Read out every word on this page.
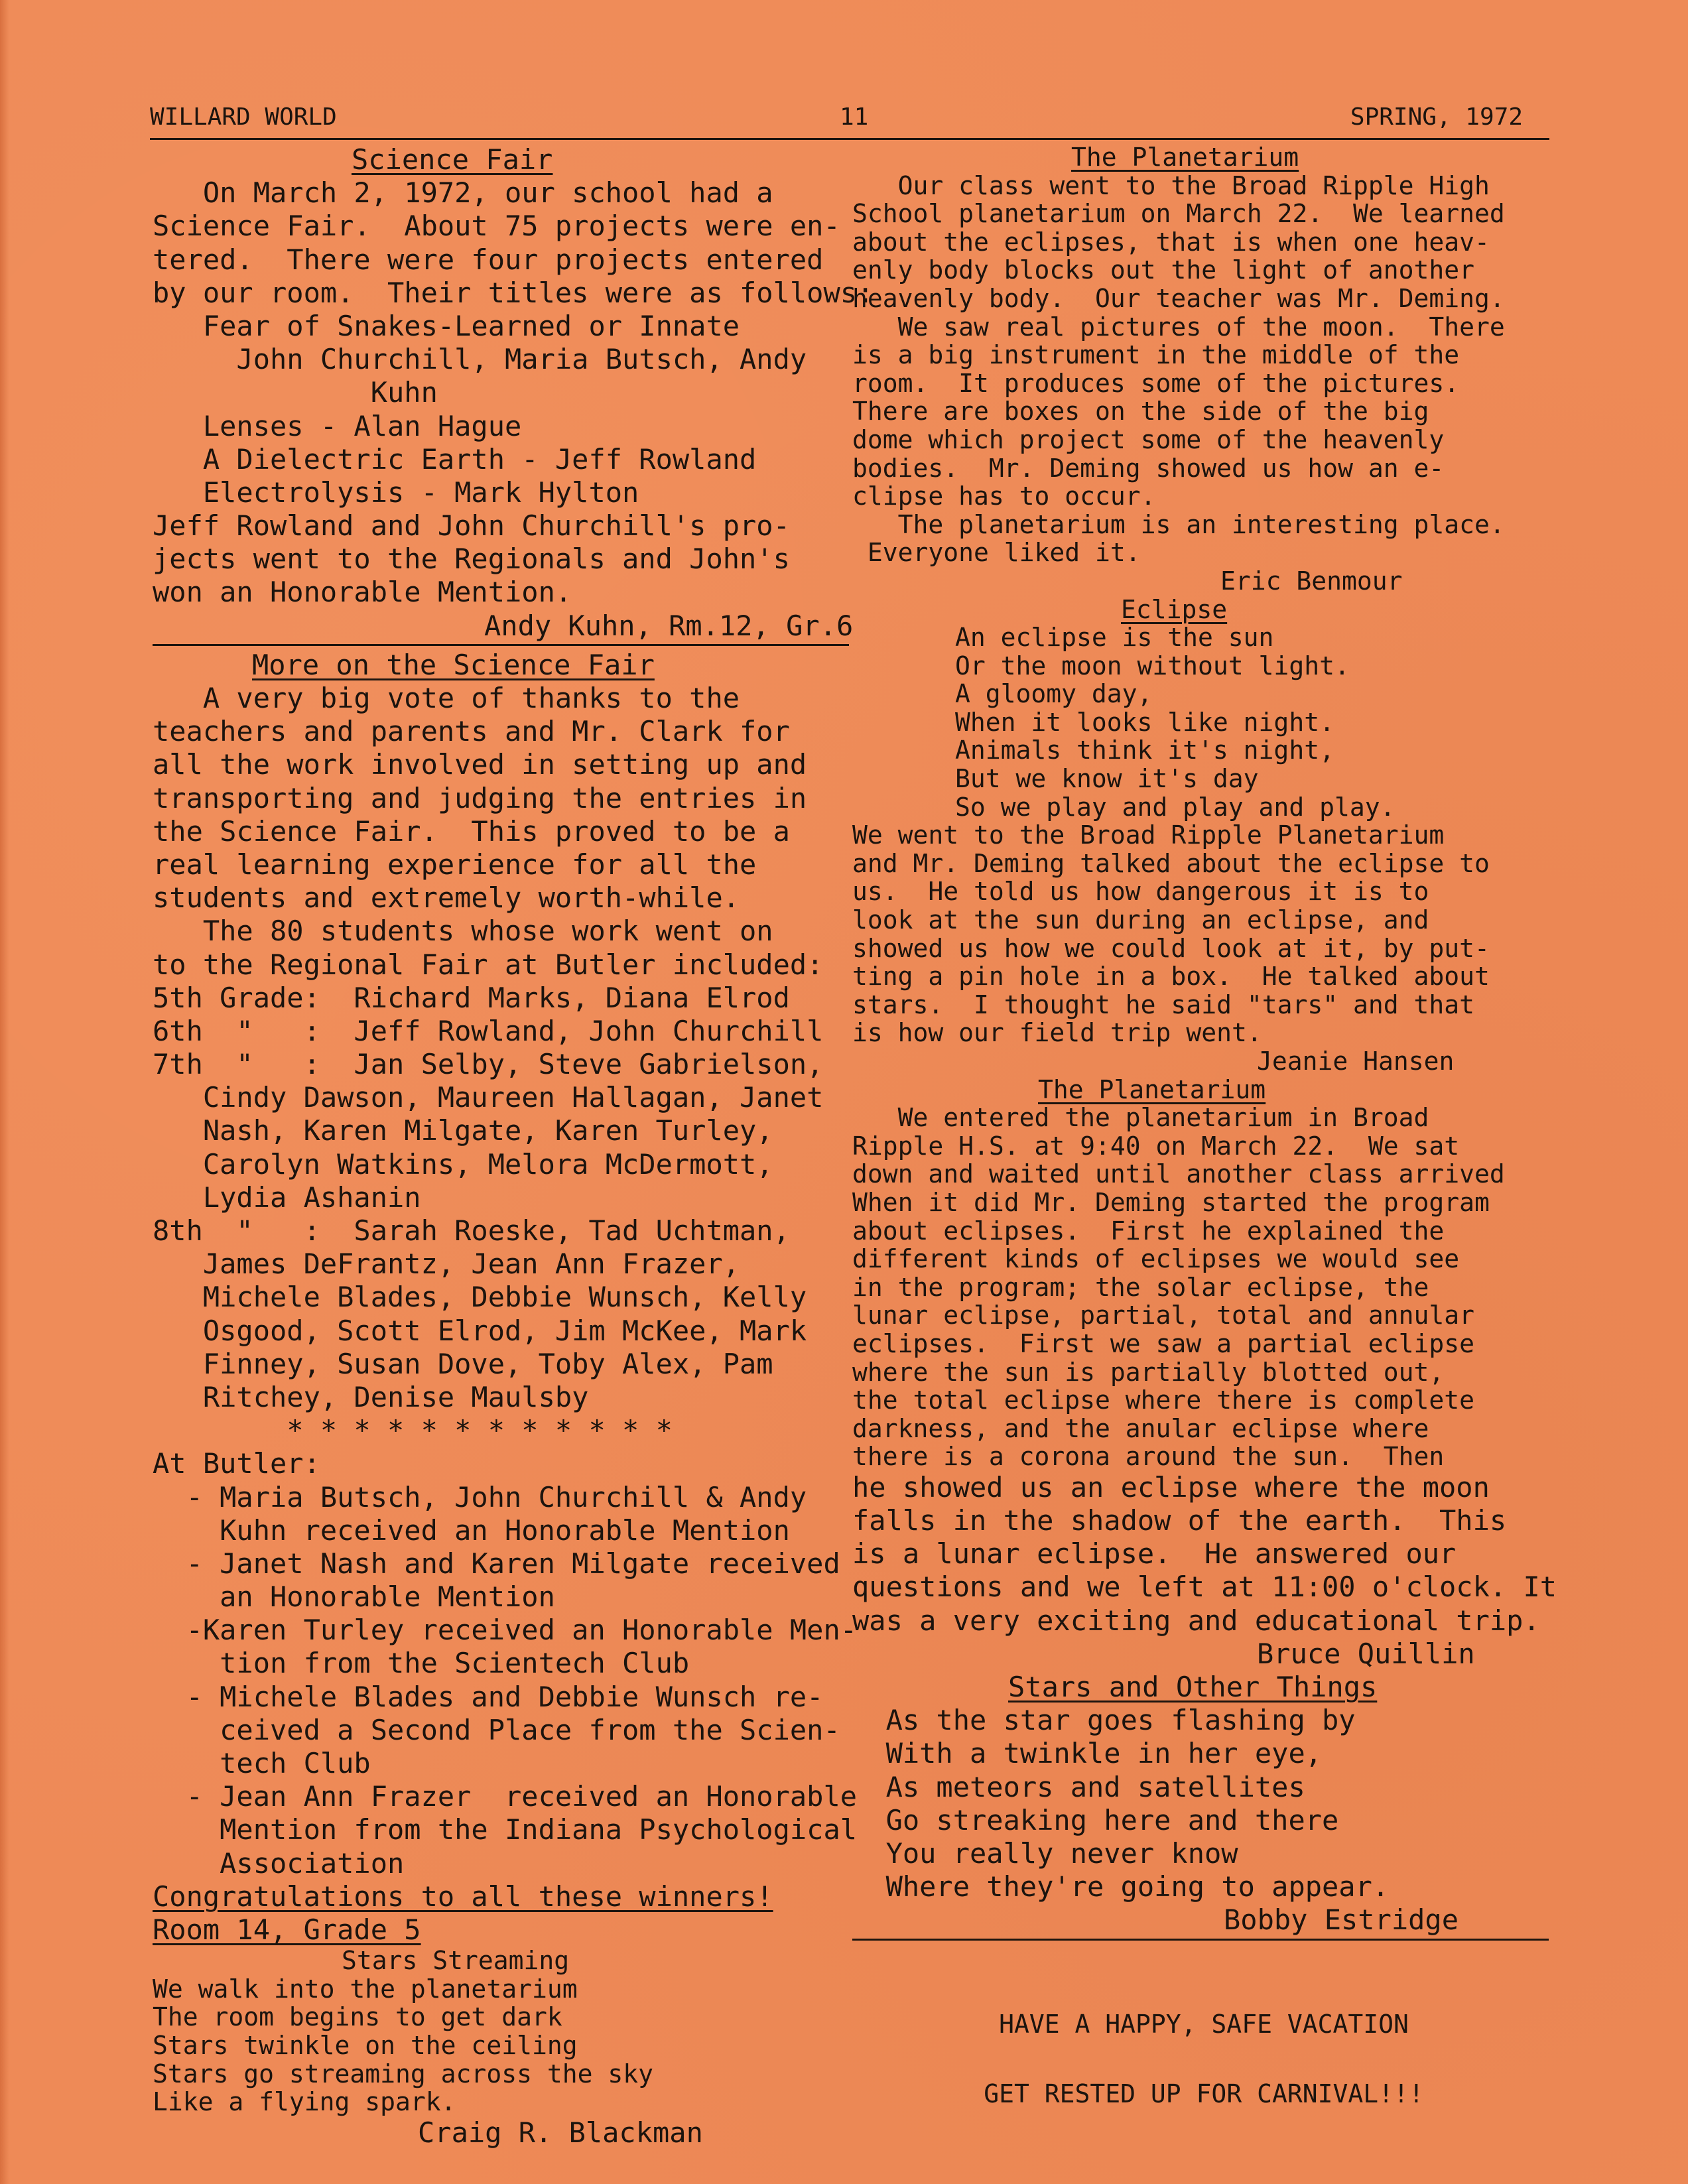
WILLARD WORLD	11	SPRING, 1972
Science Fair
On March 2, 1972, our school had a
Science Fair.  About 75 projects were en-
tered.  There were four projects entered
by our room.  Their titles were as follows:
Fear of Snakes-Learned or Innate
John Churchill, Maria Butsch, Andy
Kuhn
Lenses - Alan Hague
A Dielectric Earth - Jeff Rowland
Electrolysis - Mark Hylton
Jeff Rowland and John Churchill's pro-
jects went to the Regionals and John's
won an Honorable Mention.
Andy Kuhn, Rm.12, Gr.6
More on the Science Fair
A very big vote of thanks to the
teachers and parents and Mr. Clark for
all the work involved in setting up and
transporting and judging the entries in
the Science Fair.  This proved to be a
real learning experience for all the
students and extremely worth-while.
The 80 students whose work went on
to the Regional Fair at Butler included:
5th Grade:  Richard Marks, Diana Elrod
6th  "   :  Jeff Rowland, John Churchill
7th  "   :  Jan Selby, Steve Gabrielson,
Cindy Dawson, Maureen Hallagan, Janet
Nash, Karen Milgate, Karen Turley,
Carolyn Watkins, Melora McDermott,
Lydia Ashanin
8th  "   :  Sarah Roeske, Tad Uchtman,
James DeFrantz, Jean Ann Frazer,
Michele Blades, Debbie Wunsch, Kelly
Osgood, Scott Elrod, Jim McKee, Mark
Finney, Susan Dove, Toby Alex, Pam
Ritchey, Denise Maulsby
* * * * * * * * * * * *
At Butler:
- Maria Butsch, John Churchill & Andy
Kuhn received an Honorable Mention
- Janet Nash and Karen Milgate received
an Honorable Mention
-Karen Turley received an Honorable Men-
tion from the Scientech Club
- Michele Blades and Debbie Wunsch re-
ceived a Second Place from the Scien-
tech Club
- Jean Ann Frazer  received an Honorable
Mention from the Indiana Psychological
Association
Congratulations to all these winners!
Room 14, Grade 5
Stars Streaming
We walk into the planetarium
The room begins to get dark
Stars twinkle on the ceiling
Stars go streaming across the sky
Like a flying spark.
Craig R. Blackman
The Planetarium
Our class went to the Broad Ripple High
School planetarium on March 22.  We learned
about the eclipses, that is when one heav-
enly body blocks out the light of another
heavenly body.  Our teacher was Mr. Deming.
We saw real pictures of the moon.  There
is a big instrument in the middle of the
room.  It produces some of the pictures.
There are boxes on the side of the big
dome which project some of the heavenly
bodies.  Mr. Deming showed us how an e-
clipse has to occur.
The planetarium is an interesting place.
Everyone liked it.
Eric Benmour
Eclipse
An eclipse is the sun
Or the moon without light.
A gloomy day,
When it looks like night.
Animals think it's night,
But we know it's day
So we play and play and play.
We went to the Broad Ripple Planetarium
and Mr. Deming talked about the eclipse to
us.  He told us how dangerous it is to
look at the sun during an eclipse, and
showed us how we could look at it, by put-
ting a pin hole in a box.  He talked about
stars.  I thought he said "tars" and that
is how our field trip went.
Jeanie Hansen
The Planetarium
We entered the planetarium in Broad
Ripple H.S. at 9:40 on March 22.  We sat
down and waited until another class arrived
When it did Mr. Deming started the program
about eclipses.  First he explained the
different kinds of eclipses we would see
in the program; the solar eclipse, the
lunar eclipse, partial, total and annular
eclipses.  First we saw a partial eclipse
where the sun is partially blotted out,
the total eclipse where there is complete
darkness, and the anular eclipse where
there is a corona around the sun.  Then
he showed us an eclipse where the moon
falls in the shadow of the earth.  This
is a lunar eclipse.  He answered our
questions and we left at 11:00 o'clock. It
was a very exciting and educational trip.
Bruce Quillin
Stars and Other Things
As the star goes flashing by
With a twinkle in her eye,
As meteors and satellites
Go streaking here and there
You really never know
Where they're going to appear.
Bobby Estridge
HAVE A HAPPY, SAFE VACATION
GET RESTED UP FOR CARNIVAL!!!
